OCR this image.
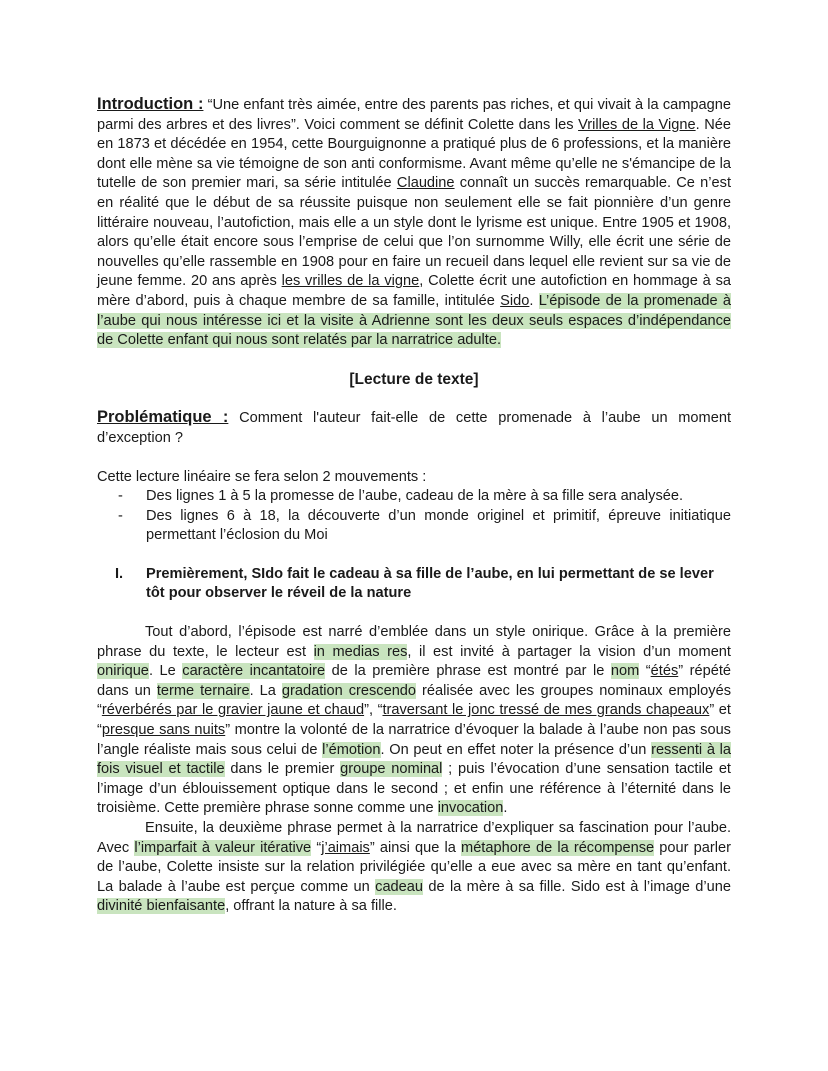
Introduction : “Une enfant très aimée, entre des parents pas riches, et qui vivait à la campagne parmi des arbres et des livres”. Voici comment se définit Colette dans les Vrilles de la Vigne. Née en 1873 et décédée en 1954, cette Bourguignonne a pratiqué plus de 6 professions, et la manière dont elle mène sa vie témoigne de son anti conformisme. Avant même qu’elle ne s'émancipe de la tutelle de son premier mari, sa série intitulée Claudine connaît un succès remarquable. Ce n’est en réalité que le début de sa réussite puisque non seulement elle se fait pionnière d’un genre littéraire nouveau, l’autofiction, mais elle a un style dont le lyrisme est unique. Entre 1905 et 1908, alors qu’elle était encore sous l’emprise de celui que l’on surnomme Willy, elle écrit une série de nouvelles qu’elle rassemble en 1908 pour en faire un recueil dans lequel elle revient sur sa vie de jeune femme. 20 ans après les vrilles de la vigne, Colette écrit une autofiction en hommage à sa mère d’abord, puis à chaque membre de sa famille, intitulée Sido. L’épisode de la promenade à l’aube qui nous intéresse ici et la visite à Adrienne sont les deux seuls espaces d’indépendance de Colette enfant qui nous sont relatés par la narratrice adulte.

[Lecture de texte]

Problématique : Comment l'auteur fait-elle de cette promenade à l’aube un moment d’exception ?

Cette lecture linéaire se fera selon 2 mouvements :

- Des lignes 1 à 5 la promesse de l’aube, cadeau de la mère à sa fille sera analysée.
- Des lignes 6 à 18, la découverte d’un monde originel et primitif, épreuve initiatique permettant l’éclosion du Moi
I. Premièrement, SIdo fait le cadeau à sa fille de l’aube, en lui permettant de se lever tôt pour observer le réveil de la nature

Tout d’abord, l’épisode est narré d’emblée dans un style onirique. Grâce à la première phrase du texte, le lecteur est in medias res, il est invité à partager la vision d’un moment onirique. Le caractère incantatoire de la première phrase est montré par le nom “étés” répété dans un terme ternaire. La gradation crescendo réalisée avec les groupes nominaux employés “réverbérés par le gravier jaune et chaud”, “traversant le jonc tressé de mes grands chapeaux” et “presque sans nuits” montre la volonté de la narratrice d’évoquer la balade à l’aube non pas sous l’angle réaliste mais sous celui de l’émotion. On peut en effet noter la présence d’un ressenti à la fois visuel et tactile dans le premier groupe nominal ; puis l’évocation d’une sensation tactile et l’image d’un éblouissement optique dans le second ; et enfin une référence à l’éternité dans le troisième. Cette première phrase sonne comme une invocation.

Ensuite, la deuxième phrase permet à la narratrice d’expliquer sa fascination pour l’aube. Avec l’imparfait à valeur itérative “j’aimais” ainsi que la métaphore de la récompense pour parler de l’aube, Colette insiste sur la relation privilégiée qu’elle a eue avec sa mère en tant qu’enfant. La balade à l’aube est perçue comme un cadeau de la mère à sa fille. Sido est à l’image d’une divinité bienfaisante, offrant la nature à sa fille.
